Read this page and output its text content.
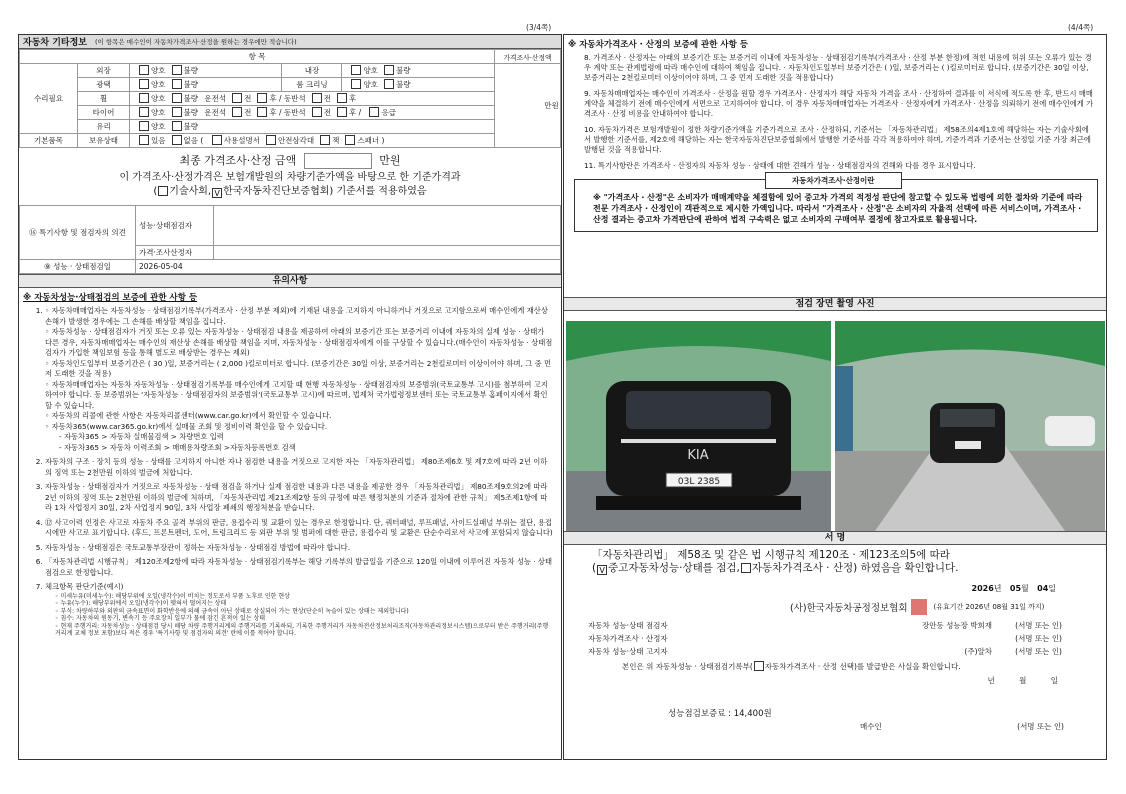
(3/4쪽)	(4/4쪽)
자동차 기타정보 (이 항목은 매수인이 자동차가격조사·산정을 원하는 경우에만 적습니다)
항 목					가격조사·산정액
수리필요	외장	양호 불량	내장	양호 불량	만원
	광택	양호 불량	룸 크리닝	양호 불량	
	휠	양호 불량 운전석 전 후 / 동반석 전 후			
	타이어	양호 불량 운전석 전 후 / 동반석 전 후 / 응급			
	유리	양호 불량			
기본품목	보유상태	있음 없음 ( 사용설명서 안전삼각대 잭 스패너 )			
최종 가격조사·산정 금액	만원
이 가격조사·산정가격은 보험개발원의 차량기준가액을 바탕으로 한 기준가격과
( 기술사회, V 한국자동차진단보증협회) 기준서를 적용하였음
⑯ 특기사항 및 점검자의 의견	성능·상태점검자	
	가격·조사산정자	
⑨ 성능 · 상태점검일	2026-05-04	
유의사항
※ 자동차성능·상태점검의 보증에 관한 사항 등
◦ 1. 자동차매매업자는 자동차성능 · 상태점검기록부(가격조사 · 산정 부분 제외)에 기재된 내용을 고지하지 아니하거나 거짓으로 고지함으로써 매수인에게 재산상 손해가 발생한 경우에는 그 손해를 배상할 책임을 집니다.
◦ 자동차성능 · 상태점검자가 거짓 또는 오류 있는 자동차성능 · 상태점검 내용을 제공하여 아래의 보증기간 또는 보증거리 이내에 자동차의 실제 성능 · 상태가 다른 경우, 자동차매매업자는 매수인의 재산상 손해를 배상할 책임을 지며, 자동차성능 · 상태점검자에게 이를 구상할 수 있습니다.(매수인이 자동차성능 · 상태점검자가 가입한 책임보험 등을 통해 별도로 배상받는 경우는 제외)
◦ 자동차인도일부터 보증기간은 ( 30 )일, 보증거리는 ( 2,000 )킬로미터로 합니다. (보증기간은 30일 이상, 보증거리는 2천킬로미터 이상이어야 하며, 그 중 먼저 도래한 것을 적용)
◦ 자동차매매업자는 자동차 자동차성능 · 상태점검기록부를 매수인에게 고지할 때 현행 자동차성능 · 상태점검자의 보증범위(국토교통부 고시)를 첨부하여 고지하여야 합니다. 동 보증범위는 '자동차성능 · 상태점검자의 보증범위'(국토교통부 고시)에 따르며, 법제처 국가법령정보센터 또는 국토교통부 홈페이지에서 확인할 수 있습니다.
◦ 자동차의 리콜에 관한 사항은 자동차리콜센터(www.car.go.kr)에서 확인할 수 있습니다.
◦ 자동차365(www.car365.go.kr)에서 실매물 조회 및 정비이력 확인을 할 수 있습니다.
- 자동차365 > 자동차 실매물검색 > 차량번호 입력
- 자동차365 > 자동차 이력조회 > 매매용차량조회 >자동차등록번호 검색
2. 자동차의 구조 · 장치 등의 성능 · 상태를 고지하지 아니한 자나 점검한 내용을 거짓으로 고지한 자는 「자동차관리법」 제80조제6호 및 제7호에 따라 2년 이하의 징역 또는 2천만원 이하의 벌금에 처합니다.
3. 자동차성능 · 상태점검자가 거짓으로 자동차성능 · 상태 점검을 하거나 실제 점검한 내용과 다른 내용을 제공한 경우 「자동차관리법」 제80조제9호의2에 따라 2년 이하의 징역 또는 2천만원 이하의 벌금에 처하며, 「자동차관리법 제21조제2항 등의 규정에 따른 행정처분의 기준과 절차에 관한 규칙」 제5조제1항에 따라 1차 사업정지 30일, 2차 사업정지 90일, 3차 사업장 폐쇄의 행정처분을 받습니다.
4. ⑫ 사고이력 인정은 사고로 자동차 주요 골격 부위의 판금, 용접수리 및 교환이 있는 경우로 한정합니다. 단, 쿼터패널, 루프패널, 사이드실패널 부위는 절단, 용접 시에만 사고로 표기합니다. (후드, 프론트펜더, 도어, 트렁크리드 등 외판 부위 및 범퍼에 대한 판금, 용접수리 및 교환은 단순수리로서 사고에 포함되지 않습니다)
5. 자동차성능 · 상태점검은 국토교통부장관이 정하는 자동차성능 · 상태점검 방법에 따라야 합니다.
6. 「자동차관리법 시행규칙」 제120조제2항에 따라 자동차성능 · 상태점검기록부는 해당 기록부의 발급일을 기준으로 120일 이내에 이루어진 자동차 성능 · 상태점검으로 한정합니다.
7. 체크항목 판단기준(예시)
◦ 미세누유(미세누수): 해당부위에 오일(냉각수)이 비치는 정도로서 부품 노후로 인한 현상
◦ 누유(누수): 해당부위에서 오일(냉각수)이 맺혀서 떨어지는 상태
◦ 부식: 차량하부와 외판의 금속표면이 화학반응에 의해 금속이 아닌 상태로 상실되어 가는 현상(단순히 녹슬어 있는 상태는 제외합니다)
◦ 침수: 자동차의 원동기, 변속기 등 주요장치 일부가 물에 잠긴 흔적이 있는 상태
◦ 현재 주행거리: 자동차성능 · 상태점검 당시 해당 차량 주행거리계의 주행거리를 기록하되, 기록한 주행거리가 자동차전산정보처리조직(자동차관리정보시스템)으로부터 받은 주행거리(주행거리계 교체 정보 포함)보다 적은 경우 '특기사항 및 점검자의 의견' 란에 이를 적어야 합니다.
※ 자동차가격조사 · 산정의 보증에 관한 사항 등
8. 가격조사 · 산정자는 아래의 보증기간 또는 보증거리 이내에 자동차성능 · 상태점검기록부(가격조사 · 산정 부분 한정)에 적힌 내용에 허위 또는 오류가 있는 경우 계약 또는 관계법령에 따라 매수인에 대하여 책임을 집니다. · 자동차인도일부터 보증기간은 ( )일, 보증거리는 ( )킬로미터로 합니다. (보증기간은 30일 이상, 보증거리는 2천킬로미터 이상이어야 하며, 그 중 먼저 도래한 것을 적용합니다)
9. 자동차매매업자는 매수인이 가격조사 · 산정을 원할 경우 가격조사 · 산정자가 해당 자동차 가격을 조사 · 산정하여 결과를 이 서식에 적도록 한 후, 반드시 매매계약을 체결하기 전에 매수인에게 서면으로 고지하여야 합니다. 이 경우 자동차매매업자는 가격조사 · 산정자에게 가격조사 · 산정을 의뢰하기 전에 매수인에게 가격조사 · 산정 비용을 안내하여야 합니다.
10. 자동차가격은 보험개발원이 정한 차량기준가액을 기준가격으로 조사 · 산정하되, 기준서는 「자동차관리법」 제58조의4제1호에 해당하는 자는 기술사회에서 발행한 기준서를, 제2호에 해당하는 자는 한국자동차진단보증협회에서 발행한 기준서를 각각 적용하여야 하며, 기준가격과 기준서는 산정일 기준 가장 최근에 발행된 것을 적용합니다.
11. 특기사항란은 가격조사 · 산정자의 자동차 성능 · 상태에 대한 견해가 성능 · 상태점검자의 견해와 다를 경우 표시합니다.
자동차가격조사·산정이란
※ "가격조사 · 산정"은 소비자가 매매계약을 체결함에 있어 중고차 가격의 적정성 판단에 참고할 수 있도록 법령에 의한 절차와 기준에 따라 전문 가격조사 · 산정인이 객관적으로 제시한 가액입니다. 따라서 "가격조사 · 산정"은 소비자의 자율적 선택에 따른 서비스이며, 가격조사 · 산정 결과는 중고차 가격판단에 관하여 법적 구속력은 없고 소비자의 구매여부 결정에 참고자료로 활용됩니다.
점검 장면 촬영 사진
KIA
03L 2385
서 명
「자동차관리법」 제58조 및 같은 법 시행규칙 제120조 · 제123조의5에 따라
( V 중고자동차성능·상태를 점검, 자동차가격조사 · 산정) 하였음을 확인합니다.
2026년 05월 04일
(사)한국자동차공정정보협회	(유효기간 2026년 08월 31일 까지)
자동차 성능·상태 점검자	장안동 성능장 박희재	(서명 또는 인)
자동차가격조사 · 산정자	(서명 또는 인)
자동차 성능·상태 고지자	(주)알차	(서명 또는 인)
본인은 위 자동차성능 · 상태점검기록부( 자동차가격조사 · 산정 선택)를 발급받은 사실을 확인합니다.
년	월	일
성능점검보증료 : 14,400원
매수인	(서명 또는 인)
